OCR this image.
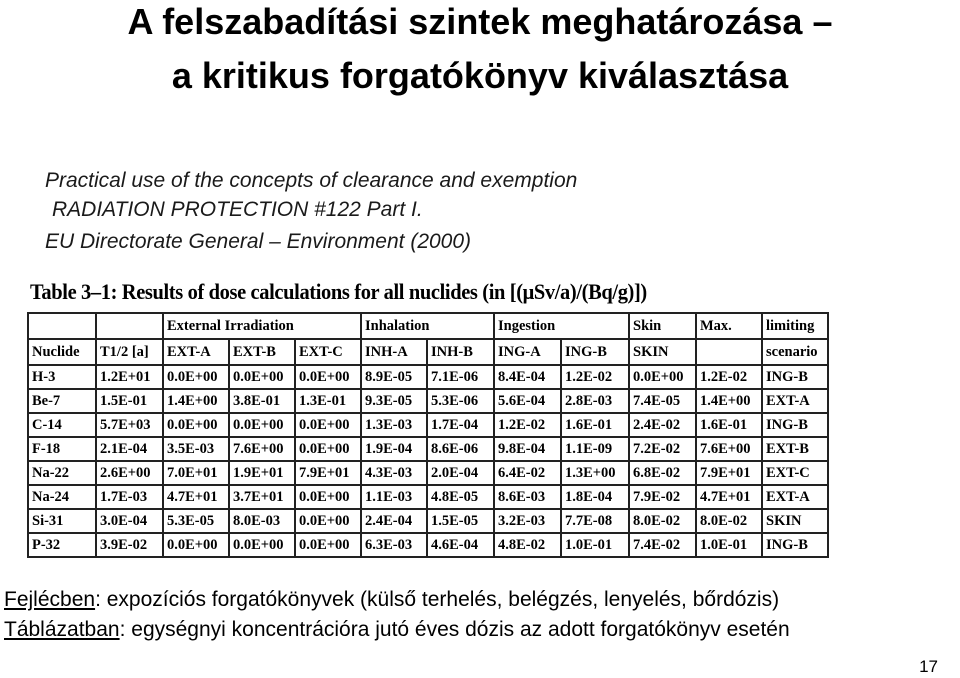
A felszabadítási szintek meghatározása –
a kritikus forgatókönyv kiválasztása
Practical use of the concepts of clearance and exemption
RADIATION PROTECTION #122 Part I.
EU Directorate General – Environment (2000)
Table 3–1: Results of dose calculations for all nuclides (in [(μSv/a)/(Bq/g)])
		External Irradiation			Inhalation		Ingestion		Skin	Max.	limiting
Nuclide	T1/2 [a]	EXT-A	EXT-B	EXT-C	INH-A	INH-B	ING-A	ING-B	SKIN		scenario
H-3	1.2E+01	0.0E+00	0.0E+00	0.0E+00	8.9E-05	7.1E-06	8.4E-04	1.2E-02	0.0E+00	1.2E-02	ING-B
Be-7	1.5E-01	1.4E+00	3.8E-01	1.3E-01	9.3E-05	5.3E-06	5.6E-04	2.8E-03	7.4E-05	1.4E+00	EXT-A
C-14	5.7E+03	0.0E+00	0.0E+00	0.0E+00	1.3E-03	1.7E-04	1.2E-02	1.6E-01	2.4E-02	1.6E-01	ING-B
F-18	2.1E-04	3.5E-03	7.6E+00	0.0E+00	1.9E-04	8.6E-06	9.8E-04	1.1E-09	7.2E-02	7.6E+00	EXT-B
Na-22	2.6E+00	7.0E+01	1.9E+01	7.9E+01	4.3E-03	2.0E-04	6.4E-02	1.3E+00	6.8E-02	7.9E+01	EXT-C
Na-24	1.7E-03	4.7E+01	3.7E+01	0.0E+00	1.1E-03	4.8E-05	8.6E-03	1.8E-04	7.9E-02	4.7E+01	EXT-A
Si-31	3.0E-04	5.3E-05	8.0E-03	0.0E+00	2.4E-04	1.5E-05	3.2E-03	7.7E-08	8.0E-02	8.0E-02	SKIN
P-32	3.9E-02	0.0E+00	0.0E+00	0.0E+00	6.3E-03	4.6E-04	4.8E-02	1.0E-01	7.4E-02	1.0E-01	ING-B
Fejlécben: expozíciós forgatókönyvek (külső terhelés, belégzés, lenyelés, bőrdózis)
Táblázatban: egységnyi koncentrációra jutó éves dózis az adott forgatókönyv esetén
17
